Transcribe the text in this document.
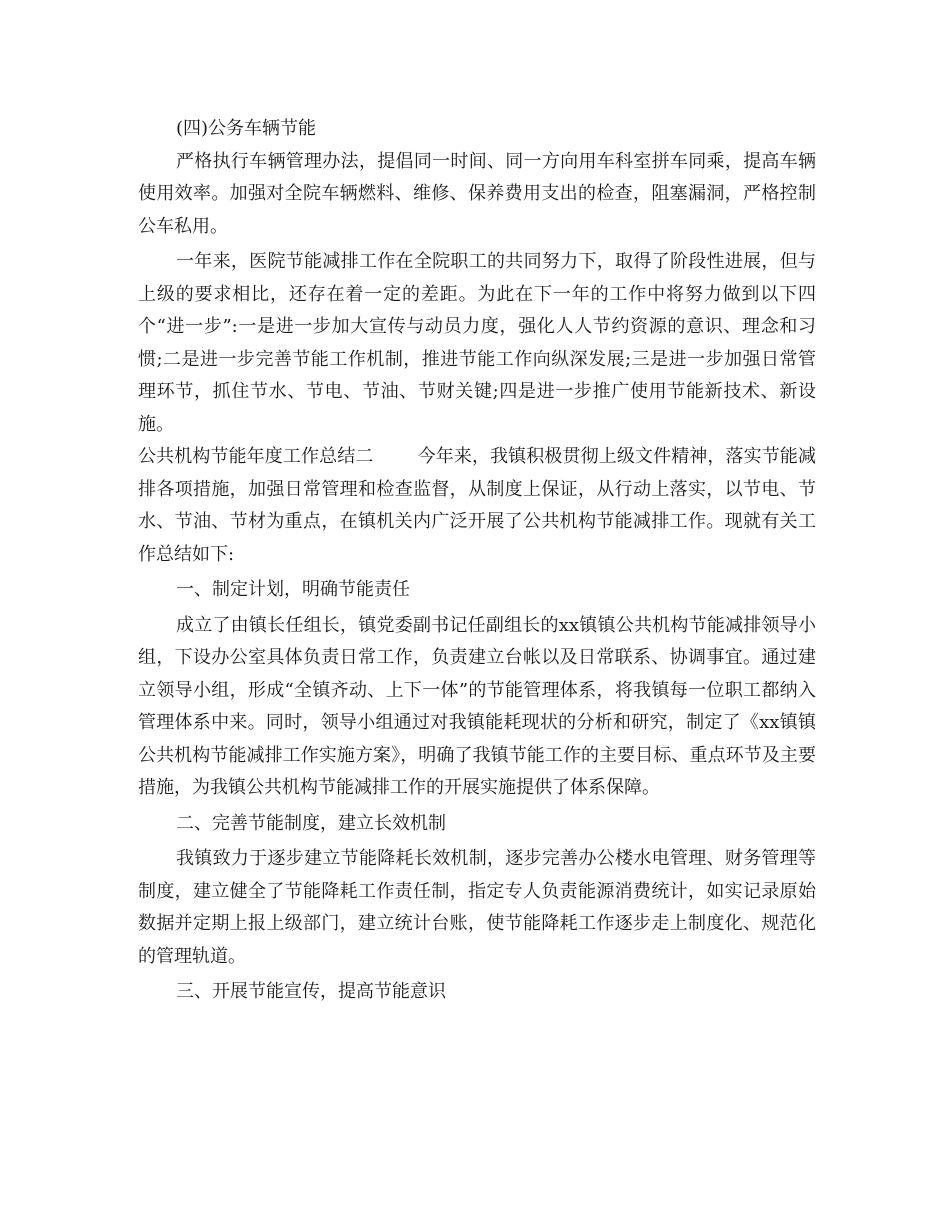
(四)公务车辆节能

严格执行车辆管理办法，提倡同一时间、同一方向用车科室拼车同乘，提高车辆使用效率。加强对全院车辆燃料、维修、保养费用支出的检查，阻塞漏洞，严格控制公车私用。

一年来，医院节能减排工作在全院职工的共同努力下，取得了阶段性进展，但与上级的要求相比，还存在着一定的差距。为此在下一年的工作中将努力做到以下四个“进一步”:一是进一步加大宣传与动员力度，强化人人节约资源的意识、理念和习惯;二是进一步完善节能工作机制，推进节能工作向纵深发展;三是进一步加强日常管理环节，抓住节水、节电、节油、节财关键;四是进一步推广使用节能新技术、新设施。

公共机构节能年度工作总结二 今年来，我镇积极贯彻上级文件精神，落实节能减排各项措施，加强日常管理和检查监督，从制度上保证，从行动上落实，以节电、节水、节油、节材为重点，在镇机关内广泛开展了公共机构节能减排工作。现就有关工作总结如下:

一、制定计划，明确节能责任

成立了由镇长任组长，镇党委副书记任副组长的xx镇镇公共机构节能减排领导小组，下设办公室具体负责日常工作，负责建立台帐以及日常联系、协调事宜。通过建立领导小组，形成“全镇齐动、上下一体”的节能管理体系，将我镇每一位职工都纳入管理体系中来。同时，领导小组通过对我镇能耗现状的分析和研究，制定了《xx镇镇公共机构节能减排工作实施方案》，明确了我镇节能工作的主要目标、重点环节及主要措施，为我镇公共机构节能减排工作的开展实施提供了体系保障。

二、完善节能制度，建立长效机制

我镇致力于逐步建立节能降耗长效机制，逐步完善办公楼水电管理、财务管理等制度，建立健全了节能降耗工作责任制，指定专人负责能源消费统计，如实记录原始数据并定期上报上级部门，建立统计台账，使节能降耗工作逐步走上制度化、规范化的管理轨道。

三、开展节能宣传，提高节能意识
